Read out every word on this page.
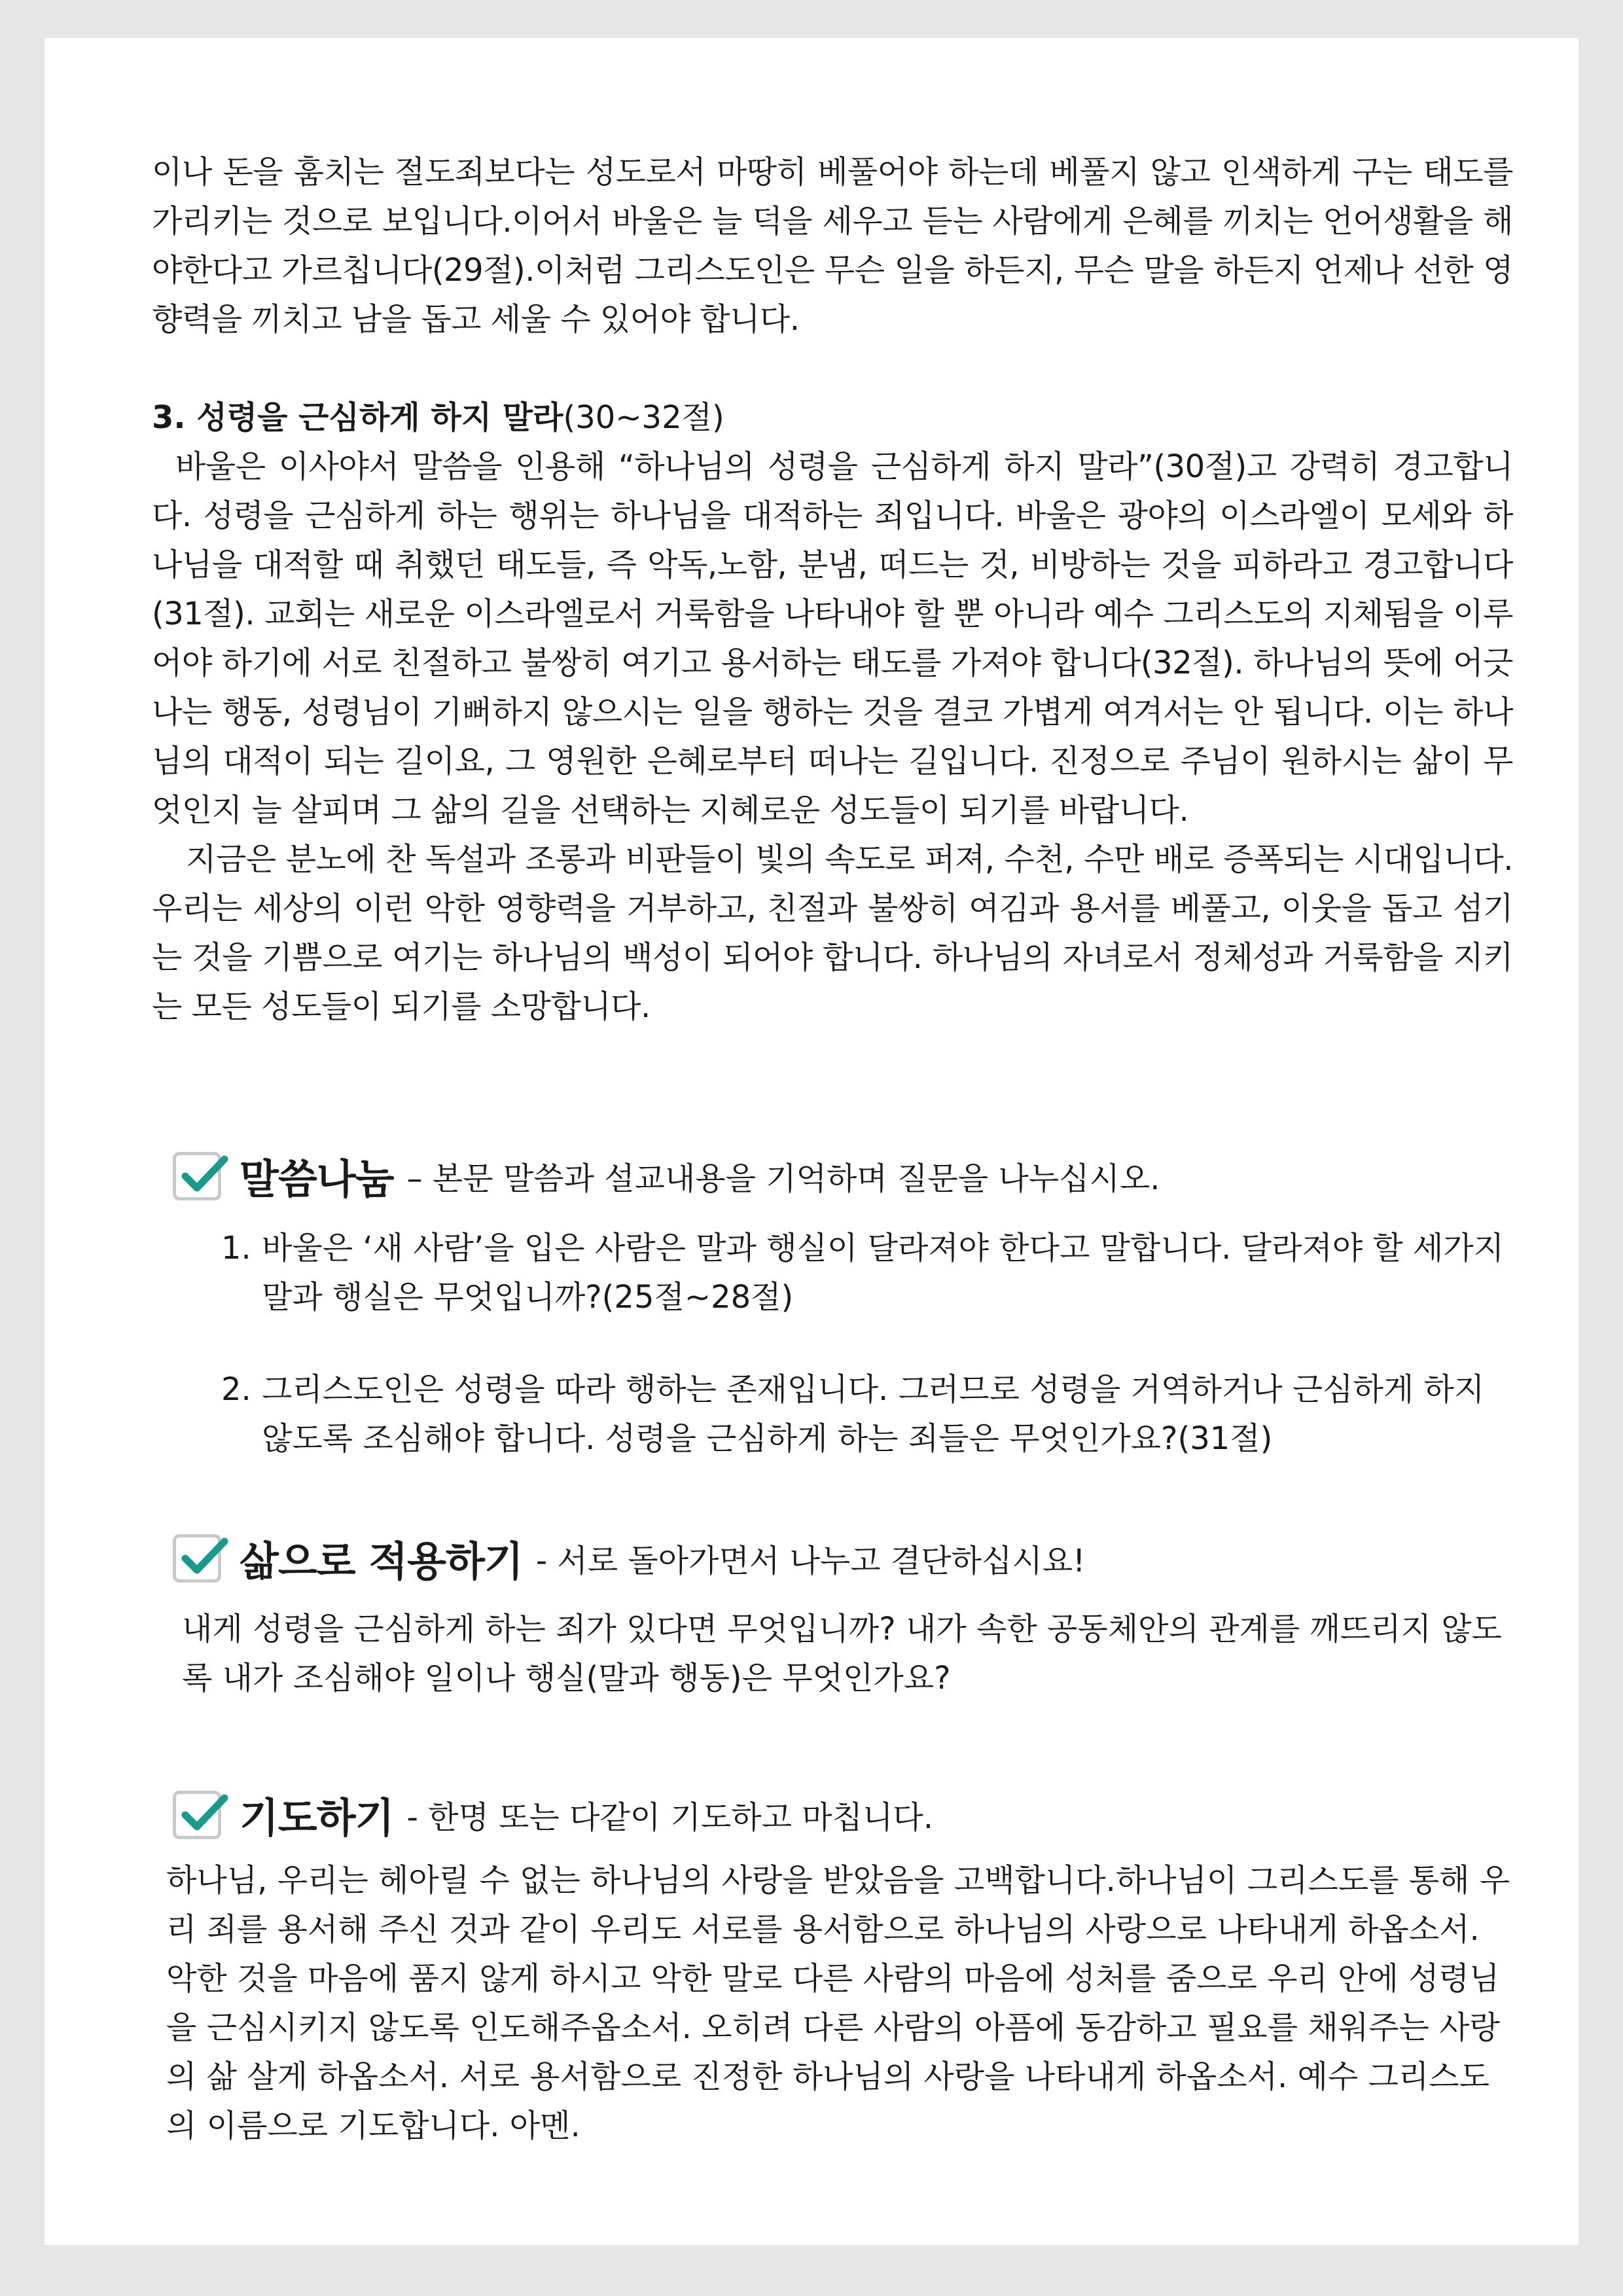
이나 돈을 훔치는 절도죄보다는 성도로서 마땅히 베풀어야 하는데 베풀지 않고 인색하게 구는 태도를 가리키는 것으로 보입니다.이어서 바울은 늘 덕을 세우고 듣는 사람에게 은혜를 끼치는 언어생활을 해야한다고 가르칩니다(29절).이처럼 그리스도인은 무슨 일을 하든지, 무슨 말을 하든지 언제나 선한 영향력을 끼치고 남을 돕고 세울 수 있어야 합니다.

3. 성령을 근심하게 하지 말라(30~32절)

바울은 이사야서 말씀을 인용해 “하나님의 성령을 근심하게 하지 말라”(30절)고 강력히 경고합니다. 성령을 근심하게 하는 행위는 하나님을 대적하는 죄입니다. 바울은 광야의 이스라엘이 모세와 하나님을 대적할 때 취했던 태도들, 즉 악독,노함, 분냄, 떠드는 것, 비방하는 것을 피하라고 경고합니다(31절). 교회는 새로운 이스라엘로서 거룩함을 나타내야 할 뿐 아니라 예수 그리스도의 지체됨을 이루어야 하기에 서로 친절하고 불쌍히 여기고 용서하는 태도를 가져야 합니다(32절). 하나님의 뜻에 어긋나는 행동, 성령님이 기뻐하지 않으시는 일을 행하는 것을 결코 가볍게 여겨서는 안 됩니다. 이는 하나님의 대적이 되는 길이요, 그 영원한 은혜로부터 떠나는 길입니다. 진정으로 주님이 원하시는 삶이 무엇인지 늘 살피며 그 삶의 길을 선택하는 지혜로운 성도들이 되기를 바랍니다.

지금은 분노에 찬 독설과 조롱과 비판들이 빛의 속도로 퍼져, 수천, 수만 배로 증폭되는 시대입니다. 우리는 세상의 이런 악한 영향력을 거부하고, 친절과 불쌍히 여김과 용서를 베풀고, 이웃을 돕고 섬기는 것을 기쁨으로 여기는 하나님의 백성이 되어야 합니다. 하나님의 자녀로서 정체성과 거룩함을 지키는 모든 성도들이 되기를 소망합니다.

말씀나눔 – 본문 말씀과 설교내용을 기억하며 질문을 나누십시오.
1. 바울은 ‘새 사람’을 입은 사람은 말과 행실이 달라져야 한다고 말합니다. 달라져야 할 세가지 말과 행실은 무엇입니까?(25절~28절)
2. 그리스도인은 성령을 따라 행하는 존재입니다. 그러므로 성령을 거역하거나 근심하게 하지 않도록 조심해야 합니다. 성령을 근심하게 하는 죄들은 무엇인가요?(31절)
삶으로 적용하기 - 서로 돌아가면서 나누고 결단하십시요!

내게 성령을 근심하게 하는 죄가 있다면 무엇입니까? 내가 속한 공동체안의 관계를 깨뜨리지 않도록 내가 조심해야 일이나 행실(말과 행동)은 무엇인가요?

기도하기 - 한명 또는 다같이 기도하고 마칩니다.

하나님, 우리는 헤아릴 수 없는 하나님의 사랑을 받았음을 고백합니다.하나님이 그리스도를 통해 우리 죄를 용서해 주신 것과 같이 우리도 서로를 용서함으로 하나님의 사랑으로 나타내게 하옵소서. 악한 것을 마음에 품지 않게 하시고 악한 말로 다른 사람의 마음에 성처를 줌으로 우리 안에 성령님을 근심시키지 않도록 인도해주옵소서. 오히려 다른 사람의 아픔에 동감하고 필요를 채워주는 사랑의 삶 살게 하옵소서. 서로 용서함으로 진정한 하나님의 사랑을 나타내게 하옵소서. 예수 그리스도의 이름으로 기도합니다. 아멘.
